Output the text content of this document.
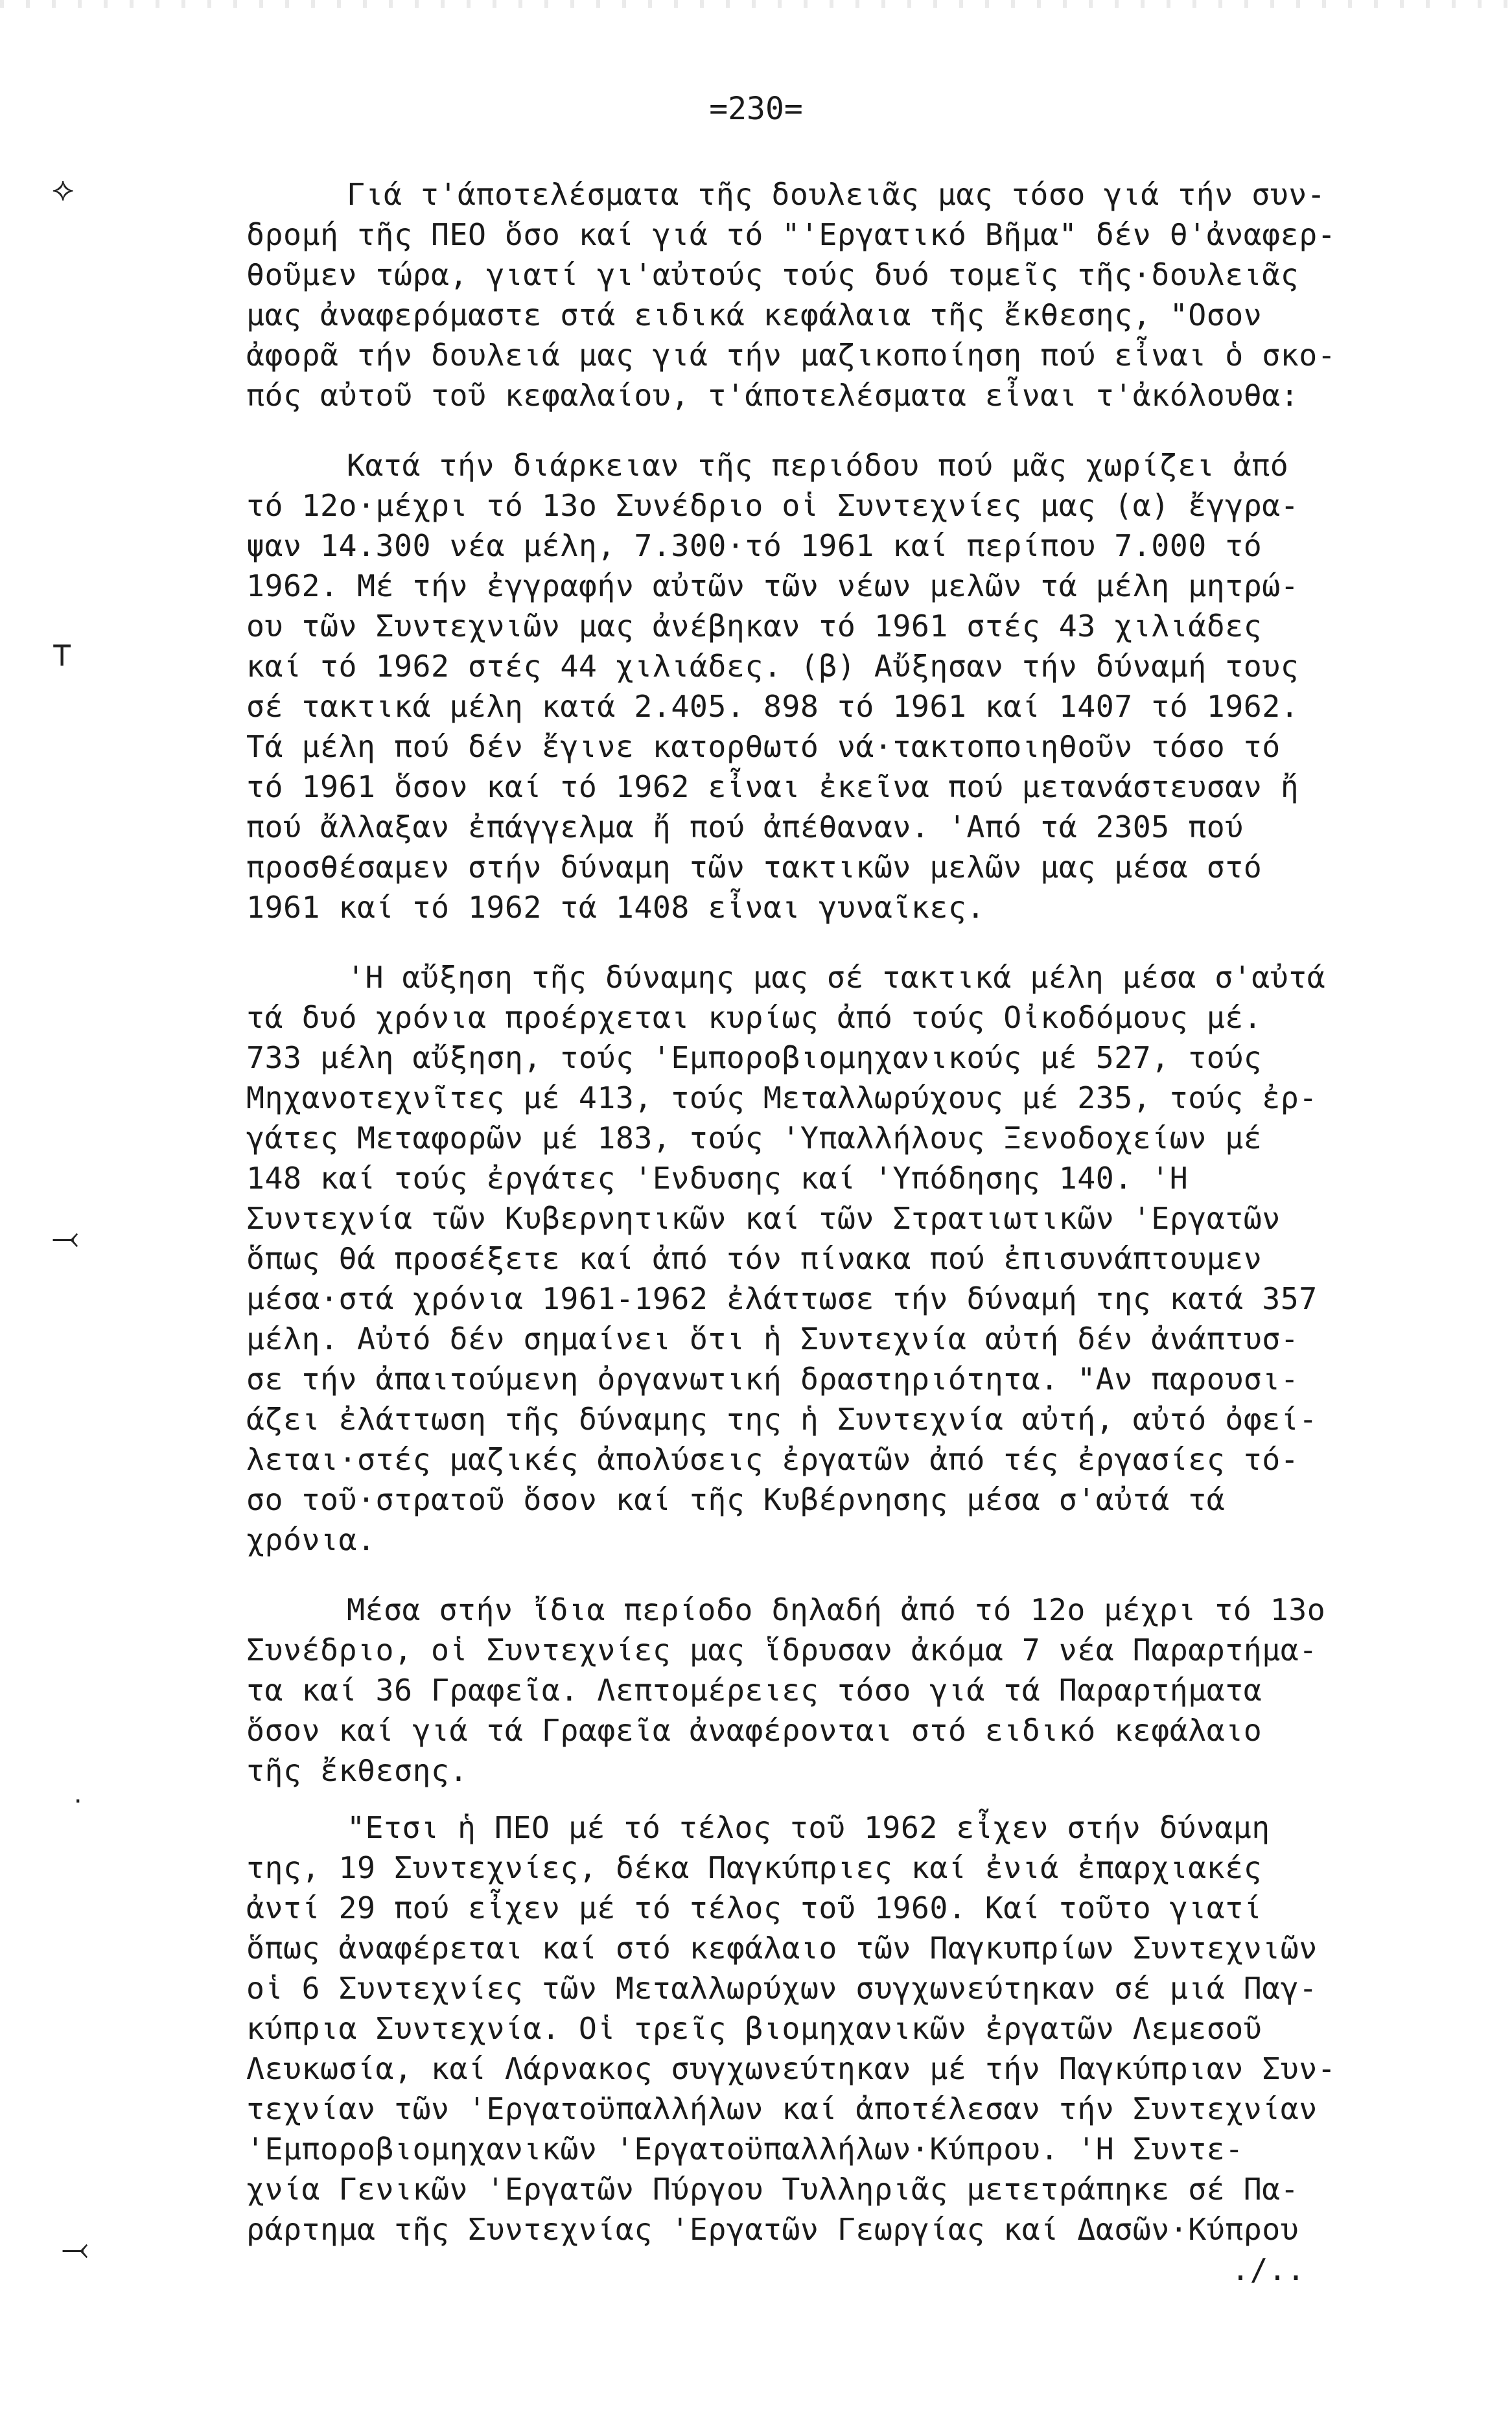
=230=
⟡
⊤
⤙
·
⤙
Γιά τ'άποτελέσματα τῆς δουλειᾶς μας τόσο γιά τήν συν-
δρομή τῆς ΠΕΟ ὅσο καί γιά τό "'Εργατικό Βῆμα" δέν θ'ἀναφερ-
θοῦμεν τώρα, γιατί γι'αὐτούς τούς δυό τομεῖς τῆς·δουλειᾶς
μας ἀναφερόμαστε στά ειδικά κεφάλαια τῆς ἔκθεσης, "Οσον
ἀφορᾶ τήν δουλειά μας γιά τήν μαζικοποίηση πού εἶναι ὁ σκο-
πός αὐτοῦ τοῦ κεφαλαίου, τ'άποτελέσματα εἶναι τ'ἀκόλουθα:
Κατά τήν διάρκειαν τῆς περιόδου πού μᾶς χωρίζει ἀπό
τό 12ο·μέχρι τό 13ο Συνέδριο οἱ Συντεχνίες μας (α) ἔγγρα-
ψαν 14.300 νέα μέλη, 7.300·τό 1961 καί περίπου 7.000 τό
1962. Μέ τήν ἐγγραφήν αὐτῶν τῶν νέων μελῶν τά μέλη μητρώ-
ου τῶν Συντεχνιῶν μας ἀνέβηκαν τό 1961 στές 43 χιλιάδες
καί τό 1962 στές 44 χιλιάδες. (β) Αὔξησαν τήν δύναμή τους
σέ τακτικά μέλη κατά 2.405. 898 τό 1961 καί 1407 τό 1962.
Τά μέλη πού δέν ἔγινε κατορθωτό νά·τακτοποιηθοῦν τόσο τό
τό 1961 ὅσον καί τό 1962 εἶναι ἐκεῖνα πού μετανάστευσαν ἤ
πού ἄλλαξαν ἐπάγγελμα ἤ πού ἀπέθαναν. 'Από τά 2305 πού
προσθέσαμεν στήν δύναμη τῶν τακτικῶν μελῶν μας μέσα στό
1961 καί τό 1962 τά 1408 εἶναι γυναῖκες.
'Η αὔξηση τῆς δύναμης μας σέ τακτικά μέλη μέσα σ'αὐτά
τά δυό χρόνια προέρχεται κυρίως ἀπό τούς Οἰκοδόμους μέ.
733 μέλη αὔξηση, τούς 'Εμποροβιομηχανικούς μέ 527, τούς
Μηχανοτεχνῖτες μέ 413, τούς Μεταλλωρύχους μέ 235, τούς ἐρ-
γάτες Μεταφορῶν μέ 183, τούς 'Υπαλλήλους Ξενοδοχείων μέ
148 καί τούς ἐργάτες 'Ενδυσης καί 'Υπόδησης 140. 'Η
Συντεχνία τῶν Κυβερνητικῶν καί τῶν Στρατιωτικῶν 'Εργατῶν
ὅπως θά προσέξετε καί ἀπό τόν πίνακα πού ἐπισυνάπτουμεν
μέσα·στά χρόνια 1961-1962 ἐλάττωσε τήν δύναμή της κατά 357
μέλη. Αὐτό δέν σημαίνει ὅτι ἡ Συντεχνία αὐτή δέν ἀνάπτυσ-
σε τήν ἀπαιτούμενη ὀργανωτική δραστηριότητα. "Αν παρουσι-
άζει ἐλάττωση τῆς δύναμης της ἡ Συντεχνία αὐτή, αὐτό ὀφεί-
λεται·στές μαζικές ἀπολύσεις ἐργατῶν ἀπό τές ἐργασίες τό-
σο τοῦ·στρατοῦ ὅσον καί τῆς Κυβέρνησης μέσα σ'αὐτά τά
χρόνια.
Μέσα στήν ἴδια περίοδο δηλαδή ἀπό τό 12ο μέχρι τό 13ο
Συνέδριο, οἱ Συντεχνίες μας ἵδρυσαν ἀκόμα 7 νέα Παραρτήμα-
τα καί 36 Γραφεῖα. Λεπτομέρειες τόσο γιά τά Παραρτήματα
ὅσον καί γιά τά Γραφεῖα ἀναφέρονται στό ειδικό κεφάλαιο
τῆς ἔκθεσης.
"Ετσι ἡ ΠΕΟ μέ τό τέλος τοῦ 1962 εἶχεν στήν δύναμη
της, 19 Συντεχνίες, δέκα Παγκύπριες καί ἐνιά ἐπαρχιακές
ἀντί 29 πού εἶχεν μέ τό τέλος τοῦ 1960. Καί τοῦτο γιατί
ὅπως ἀναφέρεται καί στό κεφάλαιο τῶν Παγκυπρίων Συντεχνιῶν
οἱ 6 Συντεχνίες τῶν Μεταλλωρύχων συγχωνεύτηκαν σέ μιά Παγ-
κύπρια Συντεχνία. Οἱ τρεῖς βιομηχανικῶν ἐργατῶν Λεμεσοῦ
Λευκωσία, καί Λάρνακος συγχωνεύτηκαν μέ τήν Παγκύπριαν Συν-
τεχνίαν τῶν 'Εργατοϋπαλλήλων καί ἀποτέλεσαν τήν Συντεχνίαν
'Εμποροβιομηχανικῶν 'Εργατοϋπαλλήλων·Κύπρου. 'Η Συντε-
χνία Γενικῶν 'Εργατῶν Πύργου Τυλληριᾶς μετετράπηκε σέ Πα-
ράρτημα τῆς Συντεχνίας 'Εργατῶν Γεωργίας καί Δασῶν·Κύπρου
./..
